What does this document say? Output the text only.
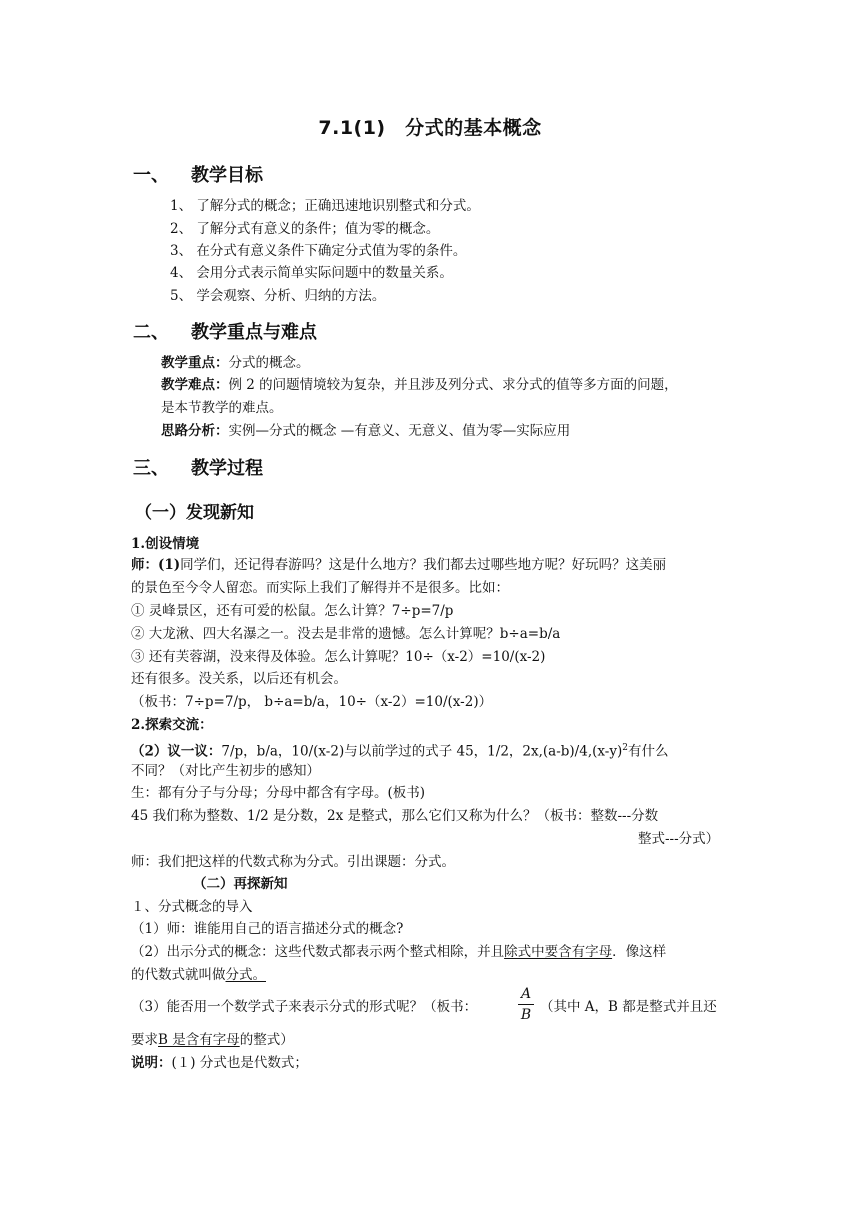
7.1(1)　分式的基本概念
一、 教学目标
1、 了解分式的概念；正确迅速地识别整式和分式。
2、 了解分式有意义的条件；值为零的概念。
3、 在分式有意义条件下确定分式值为零的条件。
4、 会用分式表示简单实际问题中的数量关系。
5、 学会观察、分析、归纳的方法。
二、 教学重点与难点
教学重点：分式的概念。
教学难点：例 2 的问题情境较为复杂，并且涉及列分式、求分式的值等多方面的问题，
是本节教学的难点。
思路分析：实例—分式的概念 —有意义、无意义、值为零—实际应用
三、 教学过程
（一）发现新知
1.创设情境
师：(1)同学们，还记得春游吗？这是什么地方？我们都去过哪些地方呢？好玩吗？这美丽
的景色至今令人留恋。而实际上我们了解得并不是很多。比如：
① 灵峰景区，还有可爱的松鼠。怎么计算？7÷p=7/p
② 大龙湫、四大名瀑之一。没去是非常的遗憾。怎么计算呢？b÷a=b/a
③ 还有芙蓉湖，没来得及体验。怎么计算呢？10÷（x-2）=10/(x-2)
还有很多。没关系，以后还有机会。
（板书：7÷p=7/p， b÷a=b/a，10÷（x-2）=10/(x-2)）
2.探索交流：
（2）议一议：7/p，b/a，10/(x-2)与以前学过的式子 45，1/2，$2x,(a-b)/4,(x-y)^2$有什么
不同？（对比产生初步的感知）
生：都有分子与分母；分母中都含有字母。(板书)
45 我们称为整数、1/2 是分数，2x 是整式，那么它们又称为什么？（板书：整数---分数
整式---分式）
师：我们把这样的代数式称为分式。引出课题：分式。
（二）再探新知
１、分式概念的导入
（1）师：谁能用自己的语言描述分式的概念?
（2）出示分式的概念：这些代数式都表示两个整式相除，并且除式中要含有字母．像这样
的代数式就叫做分式。
（3）能否用一个数学式子来表示分式的形式呢？（板书：
A
B （其中 A，B 都是整式并且还
要求B 是含有字母的整式）
说明：(１) 分式也是代数式；
